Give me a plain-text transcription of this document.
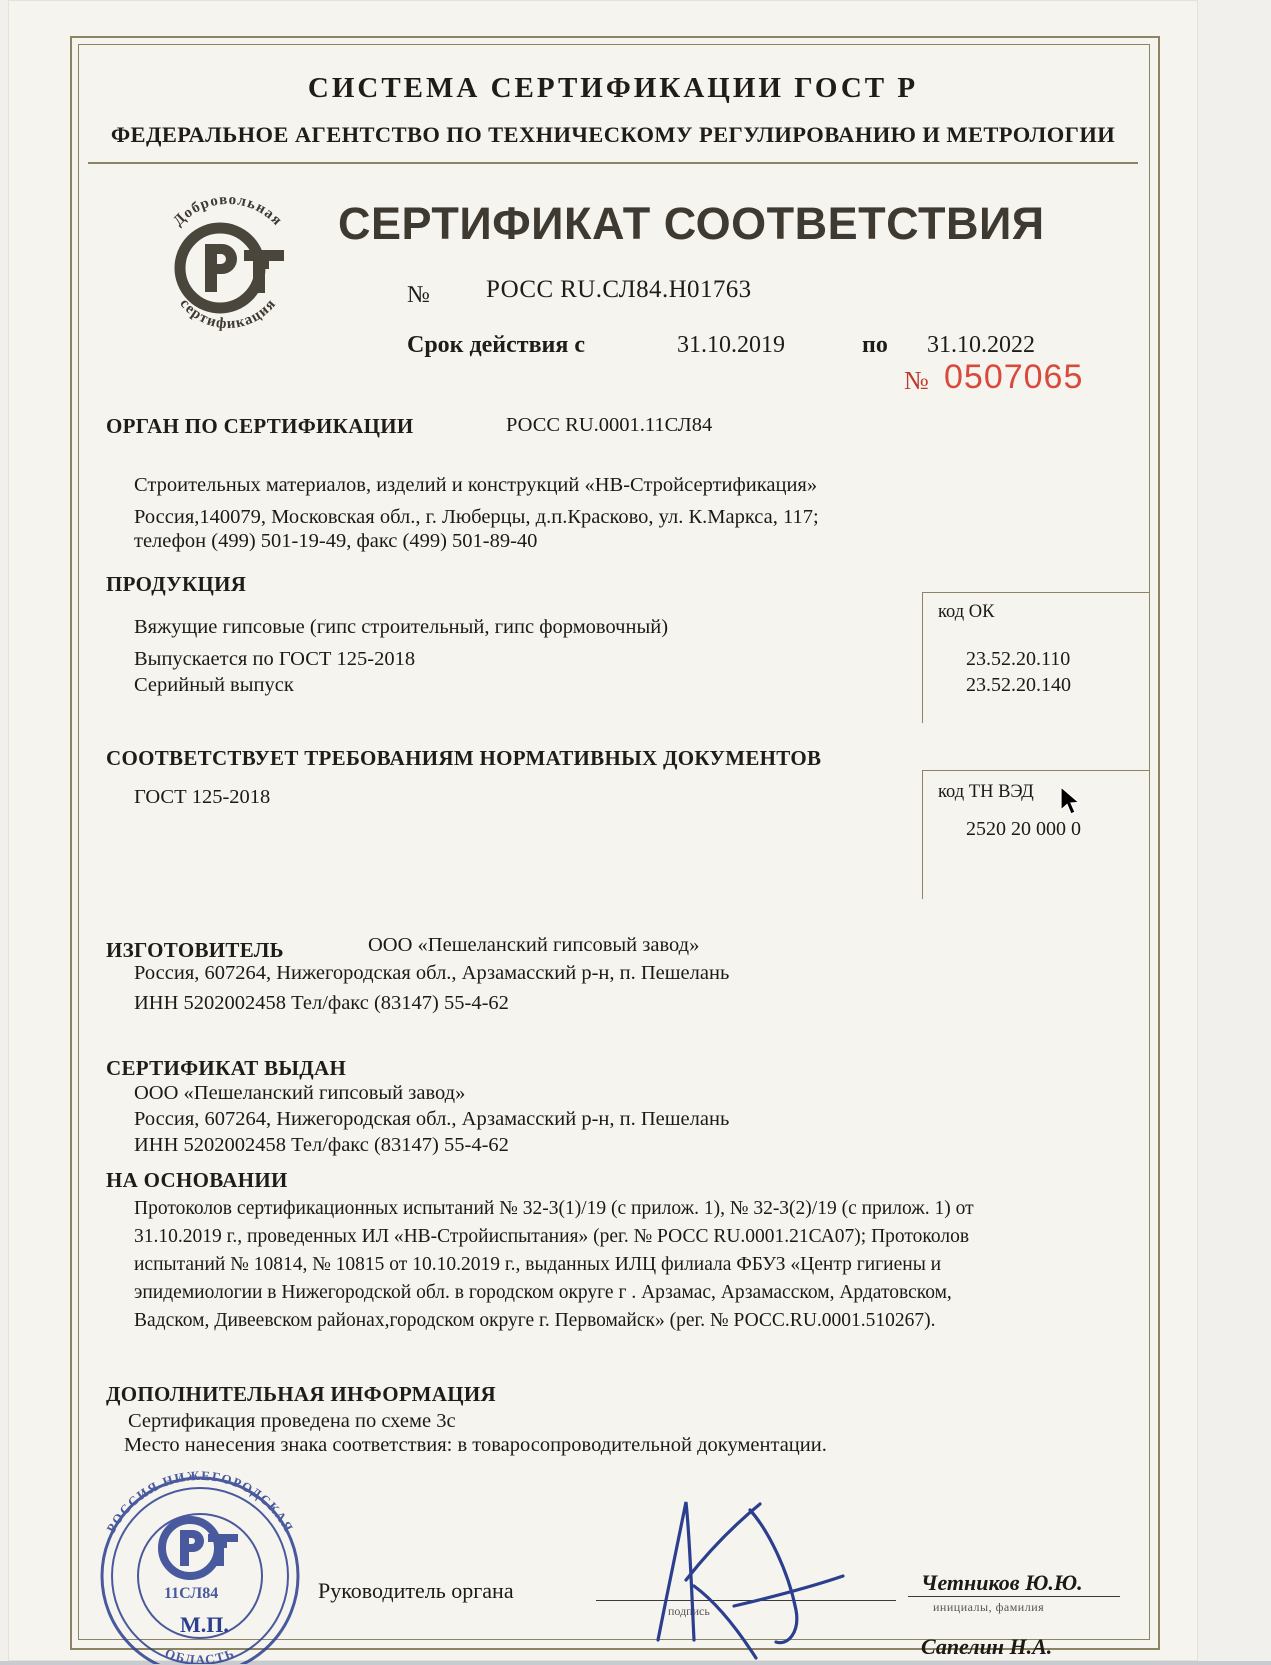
СИСТЕМА СЕРТИФИКАЦИИ ГОСТ Р
ФЕДЕРАЛЬНОЕ АГЕНТСТВО ПО ТЕХНИЧЕСКОМУ РЕГУЛИРОВАНИЮ И МЕТРОЛОГИИ
Добровольная
сертификация
СЕРТИФИКАТ СООТВЕТСТВИЯ
№ РОСС RU.СЛ84.Н01763
Срок действия с	31.10.2019	по 31.10.2022
№ 0507065
ОРГАН ПО СЕРТИФИКАЦИИ	РОСС RU.0001.11СЛ84
Строительных материалов, изделий и конструкций «НВ-Стройсертификация»
Россия,140079, Московская обл., г. Люберцы, д.п.Красково, ул. К.Маркса, 117;
телефон (499) 501-19-49, факс (499) 501-89-40
ПРОДУКЦИЯ
Вяжущие гипсовые (гипс строительный, гипс формовочный)
Выпускается по ГОСТ 125-2018
Серийный выпуск
код ОК
23.52.20.110
23.52.20.140
СООТВЕТСТВУЕТ ТРЕБОВАНИЯМ НОРМАТИВНЫХ ДОКУМЕНТОВ
ГОСТ 125-2018	код ТН ВЭД
2520 20 000 0
ИЗГОТОВИТЕЛЬ	ООО «Пешеланский гипсовый завод»
Россия, 607264, Нижегородская обл., Арзамасский р-н, п. Пешелань
ИНН 5202002458 Тел/факс (83147) 55-4-62
СЕРТИФИКАТ ВЫДАН
ООО «Пешеланский гипсовый завод»
Россия, 607264, Нижегородская обл., Арзамасский р-н, п. Пешелань
ИНН 5202002458 Тел/факс (83147) 55-4-62
НА ОСНОВАНИИ
Протоколов сертификационных испытаний № 32-3(1)/19 (с прилож. 1), № 32-3(2)/19 (с прилож. 1) от
31.10.2019 г., проведенных ИЛ «НВ-Стройиспытания» (рег. № РОСС RU.0001.21СА07); Протоколов
испытаний № 10814, № 10815 от 10.10.2019 г., выданных ИЛЦ филиала ФБУЗ «Центр гигиены и
эпидемиологии в Нижегородской обл. в городском округе г . Арзамас, Арзамасском, Ардатовском,
Вадском, Дивеевском районах,городском округе г. Первомайск» (рег. № РОСС.RU.0001.510267).
ДОПОЛНИТЕЛЬНАЯ ИНФОРМАЦИЯ
Сертификация проведена по схеме 3с
Место нанесения знака соответствия: в товаросопроводительной документации.
РОССИЯ НИЖЕГОРОДСКАЯ
ОБЛАСТЬ
11СЛ84
М.П.
Руководитель органа
подпись
Четников Ю.Ю.
инициалы, фамилия
Сапелин Н.А.
